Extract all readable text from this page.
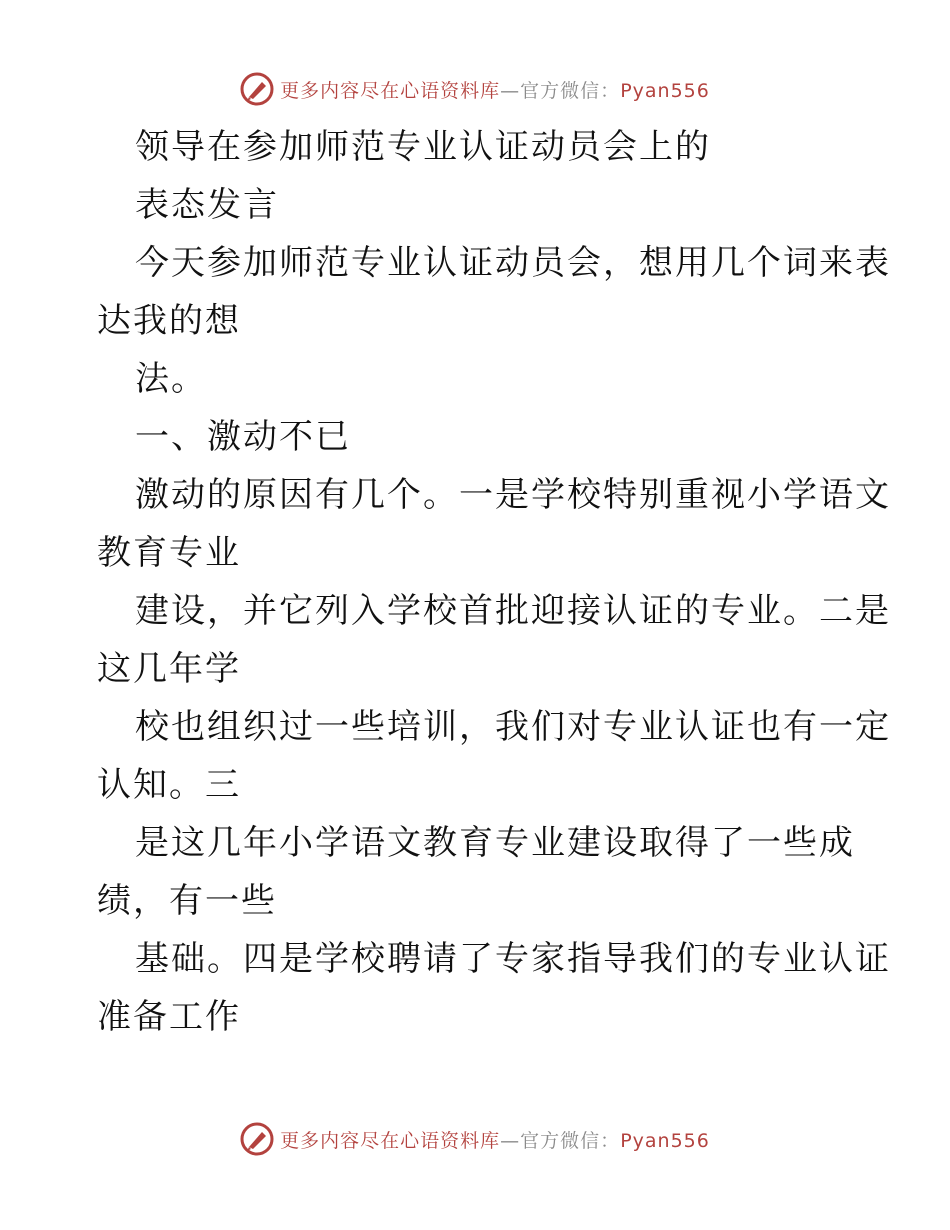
更多内容尽在心语资料库—官方微信：Pyan556
领导在参加师范专业认证动员会上的
表态发言
今天参加师范专业认证动员会，想用几个词来表
达我的想
法。
一、激动不已
激动的原因有几个。一是学校特别重视小学语文
教育专业
建设，并它列入学校首批迎接认证的专业。二是
这几年学
校也组织过一些培训，我们对专业认证也有一定
认知。三
是这几年小学语文教育专业建设取得了一些成
绩，有一些
基础。四是学校聘请了专家指导我们的专业认证
准备工作
更多内容尽在心语资料库—官方微信：Pyan556
